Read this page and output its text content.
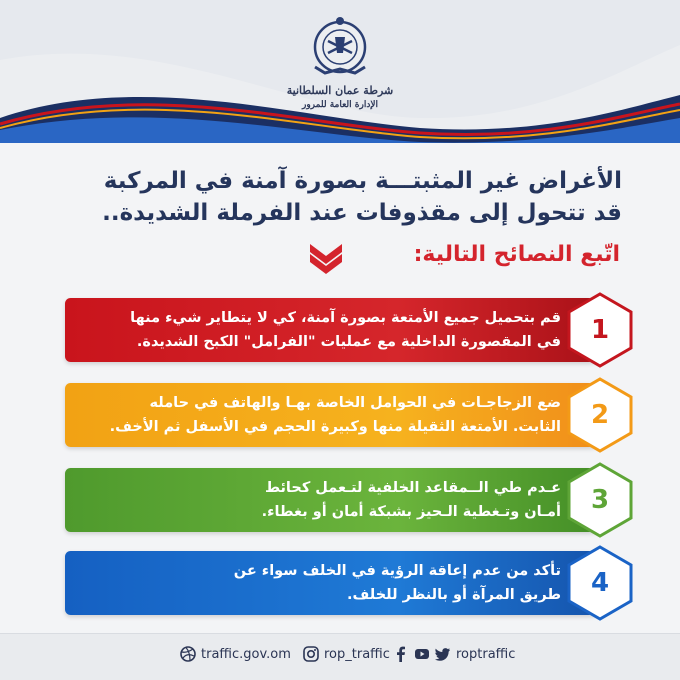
شرطة عمان السلطانية
الإدارة العامة للمرور
الأغراض غير المثبتـــة بصورة آمنة في المركبة
قد تتحول إلى مقذوفات عند الفرملة الشديدة..
اتّبع النصائح التالية:
قم بتحميل جميع الأمتعة بصورة آمنة، كي لا يتطاير شيء منها
في المقصورة الداخلية مع عمليات "الفرامل" الكبح الشديدة.	1
ضع الزجاجـات في الحوامل الخاصة بهـا والهاتف في حامله
الثابت. الأمتعة الثقيلة منها وكبيرة الحجم في الأسفل ثم الأخف.	2
عـدم طي الــمقاعد الخلفية لتـعمل كحائط
أمـان وتـغطية الـحيز بشبكة أمان أو بغطاء.	3
تأكد من عدم إعاقة الرؤية في الخلف سواء عن
طريق المرآة أو بالنظر للخلف.	4
traffic.gov.om	rop_traffic	roptraffic
